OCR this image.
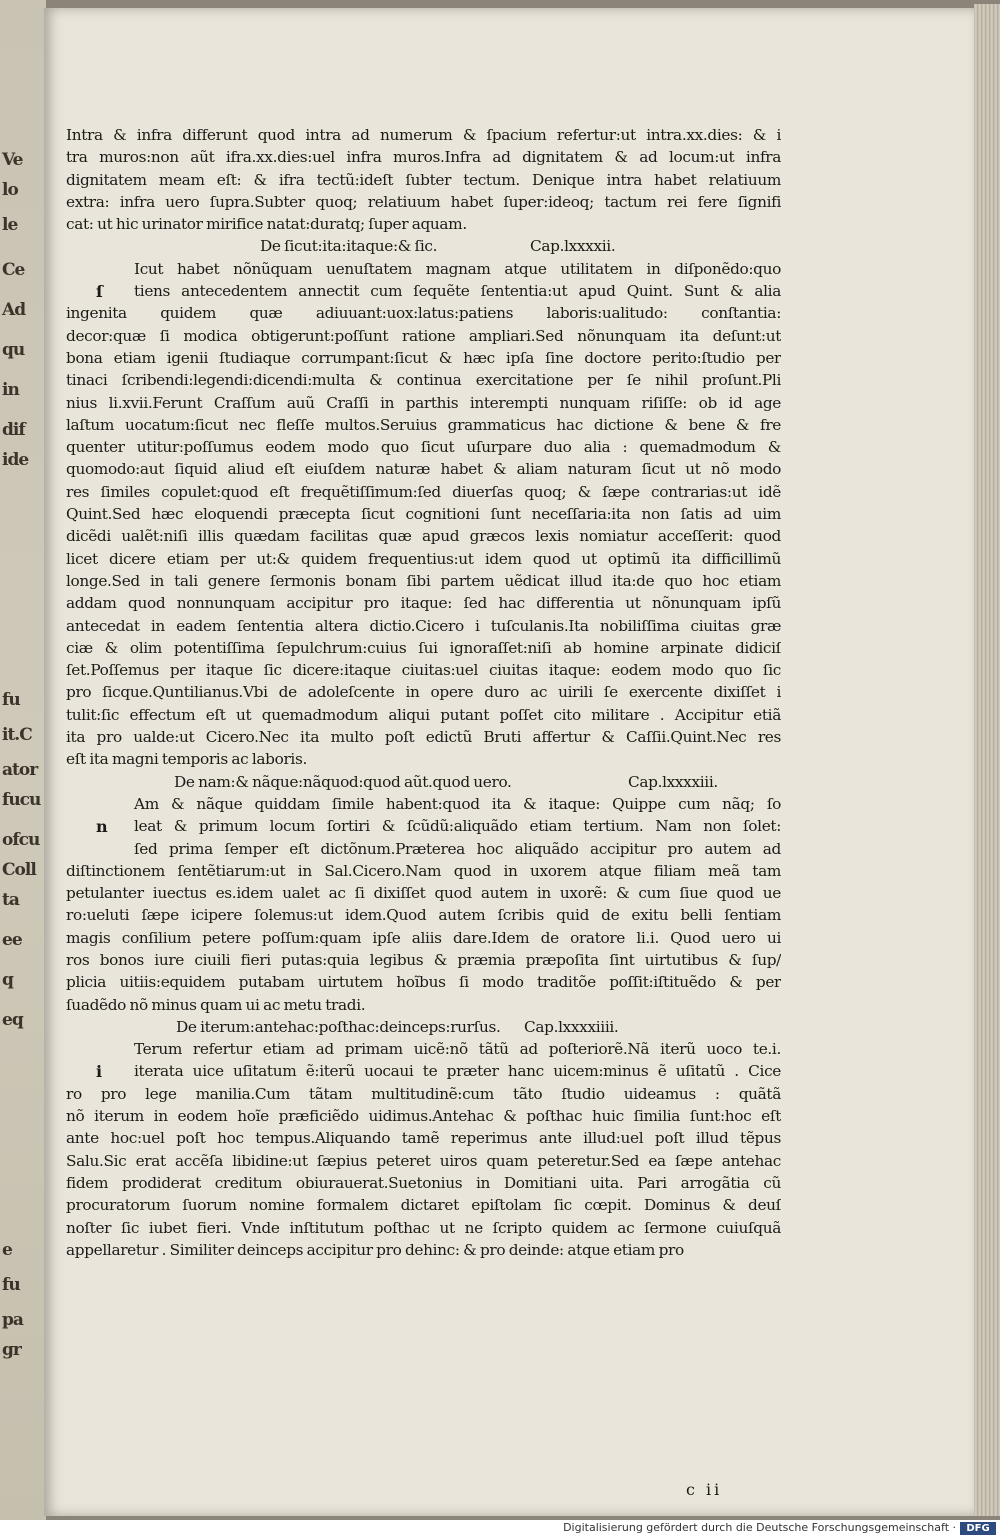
Ve
lo
le
Ce
Ad
qu
in
dif
ide
fu
it.C
ator
fucu
ofcu
Coll
ta
ee
q
eq
e
fu
pa
gr
Intra & infra differunt quod intra ad numerum & ſpacium refertur:ut intra.xx.dies: & i
tra muros:non aũt ifra.xx.dies:uel infra muros.Infra ad dignitatem & ad locum:ut infra
dignitatem meam eſt: & ifra tectũ:ideſt ſubter tectum. Denique intra habet relatiuum
extra: infra uero ſupra.Subter quoq; relatiuum habet ſuper:ideoq; tactum rei fere ſignifi
cat: ut hic urinator mirifice natat:duratq; ſuper aquam.
De ſicut:ita:itaque:& ſic.	Cap.lxxxxii.
ſ
Icut habet nõnũquam uenuſtatem magnam atque utilitatem in diſponẽdo:quo
tiens antecedentem annectit cum ſequẽte ſententia:ut apud Quint. Sunt & alia
ingenita quidem quæ adiuuant:uox:latus:patiens laboris:ualitudo: conſtantia:
decor:quæ ſi modica obtigerunt:poſſunt ratione ampliari.Sed nõnunquam ita deſunt:ut
bona etiam igenii ſtudiaque corrumpant:ſicut & hæc ipſa ſine doctore perito:ſtudio per
tinaci ſcribendi:legendi:dicendi:multa & continua exercitatione per ſe nihil proſunt.Pli
nius li.xvii.Ferunt Craſſum auũ Craſſi in parthis interempti nunquam riſiſſe: ob id age
laſtum uocatum:ſicut nec fleſſe multos.Seruius grammaticus hac dictione & bene & fre
quenter utitur:poſſumus eodem modo quo ſicut uſurpare duo alia : quemadmodum &
quomodo:aut ſiquid aliud eſt eiuſdem naturæ habet & aliam naturam ſicut ut nõ modo
res ſimiles copulet:quod eſt frequẽtiſſimum:ſed diuerſas quoq; & ſæpe contrarias:ut idẽ
Quint.Sed hæc eloquendi præcepta ſicut cognitioni ſunt neceſſaria:ita non ſatis ad uim
dicẽdi ualẽt:niſi illis quædam facilitas quæ apud græcos lexis nomiatur acceſſerit: quod
licet dicere etiam per ut:& quidem frequentius:ut idem quod ut optimũ ita difficillimũ
longe.Sed in tali genere ſermonis bonam ſibi partem uẽdicat illud ita:de quo hoc etiam
addam quod nonnunquam accipitur pro itaque: ſed hac differentia ut nõnunquam ipſũ
antecedat in eadem ſententia altera dictio.Cicero i tuſculanis.Ita nobiliſſima ciuitas græ
ciæ & olim potentiſſima ſepulchrum:cuius ſui ignoraſſet:niſi ab homine arpinate didiciſ
ſet.Poſſemus per itaque ſic dicere:itaque ciuitas:uel ciuitas itaque: eodem modo quo ſic
pro ſicque.Quntilianus.Vbi de adoleſcente in opere duro ac uirili ſe exercente dixiſſet i
tulit:ſic effectum eſt ut quemadmodum aliqui putant poſſet cito militare . Accipitur etiã
ita pro ualde:ut Cicero.Nec ita multo poſt edictũ Bruti affertur & Caſſii.Quint.Nec res
eſt ita magni temporis ac laboris.
De nam:& nãque:nãquod:quod aũt.quod uero.	Cap.lxxxxiii.
n
Am & nãque quiddam ſimile habent:quod ita & itaque: Quippe cum nãq; ſo
leat & primum locum ſortiri & ſcũdũ:aliquãdo etiam tertium. Nam non ſolet:
ſed prima ſemper eſt dictõnum.Præterea hoc aliquãdo accipitur pro autem ad
diſtinctionem ſentẽtiarum:ut in Sal.Cicero.Nam quod in uxorem atque filiam meã tam
petulanter iuectus es.idem ualet ac ſi dixiſſet quod autem in uxorẽ: & cum ſiue quod ue
ro:ueluti ſæpe icipere ſolemus:ut idem.Quod autem ſcribis quid de exitu belli ſentiam
magis conſilium petere poſſum:quam ipſe aliis dare.Idem de oratore li.i. Quod uero ui
ros bonos iure ciuili fieri putas:quia legibus & præmia præpoſita ſint uirtutibus & ſup/
plicia uitiis:equidem putabam uirtutem hoĩbus ſi modo traditõe poſſit:iſtituẽdo & per
ſuadẽdo nõ minus quam ui ac metu tradi.
De iterum:antehac:poſthac:deinceps:rurſus. Cap.lxxxxiiii.
i
Terum refertur etiam ad primam uicẽ:nõ tãtũ ad poſteriorẽ.Nã iterũ uoco te.i.
iterata uice uſitatum ẽ:iterũ uocaui te præter hanc uicem:minus ẽ uſitatũ . Cice
ro pro lege manilia.Cum tãtam multitudinẽ:cum tãto ſtudio uideamus : quãtã
nõ iterum in eodem hoĩe præficiẽdo uidimus.Antehac & poſthac huic ſimilia ſunt:hoc eſt
ante hoc:uel poſt hoc tempus.Aliquando tamẽ reperimus ante illud:uel poſt illud tẽpus
Salu.Sic erat accẽſa libidine:ut ſæpius peteret uiros quam peteretur.Sed ea ſæpe antehac
fidem prodiderat creditum obiurauerat.Suetonius in Domitiani uita. Pari arrogãtia cũ
procuratorum ſuorum nomine formalem dictaret epiſtolam ſic cœpit. Dominus & deuſ
noſter ſic iubet fieri. Vnde inſtitutum poſthac ut ne ſcripto quidem ac ſermone cuiuſquã
appellaretur . Similiter deinceps accipitur pro dehinc: & pro deinde: atque etiam pro
c ii
Digitalisierung gefördert durch die Deutsche Forschungsgemeinschaft ·	DFG
